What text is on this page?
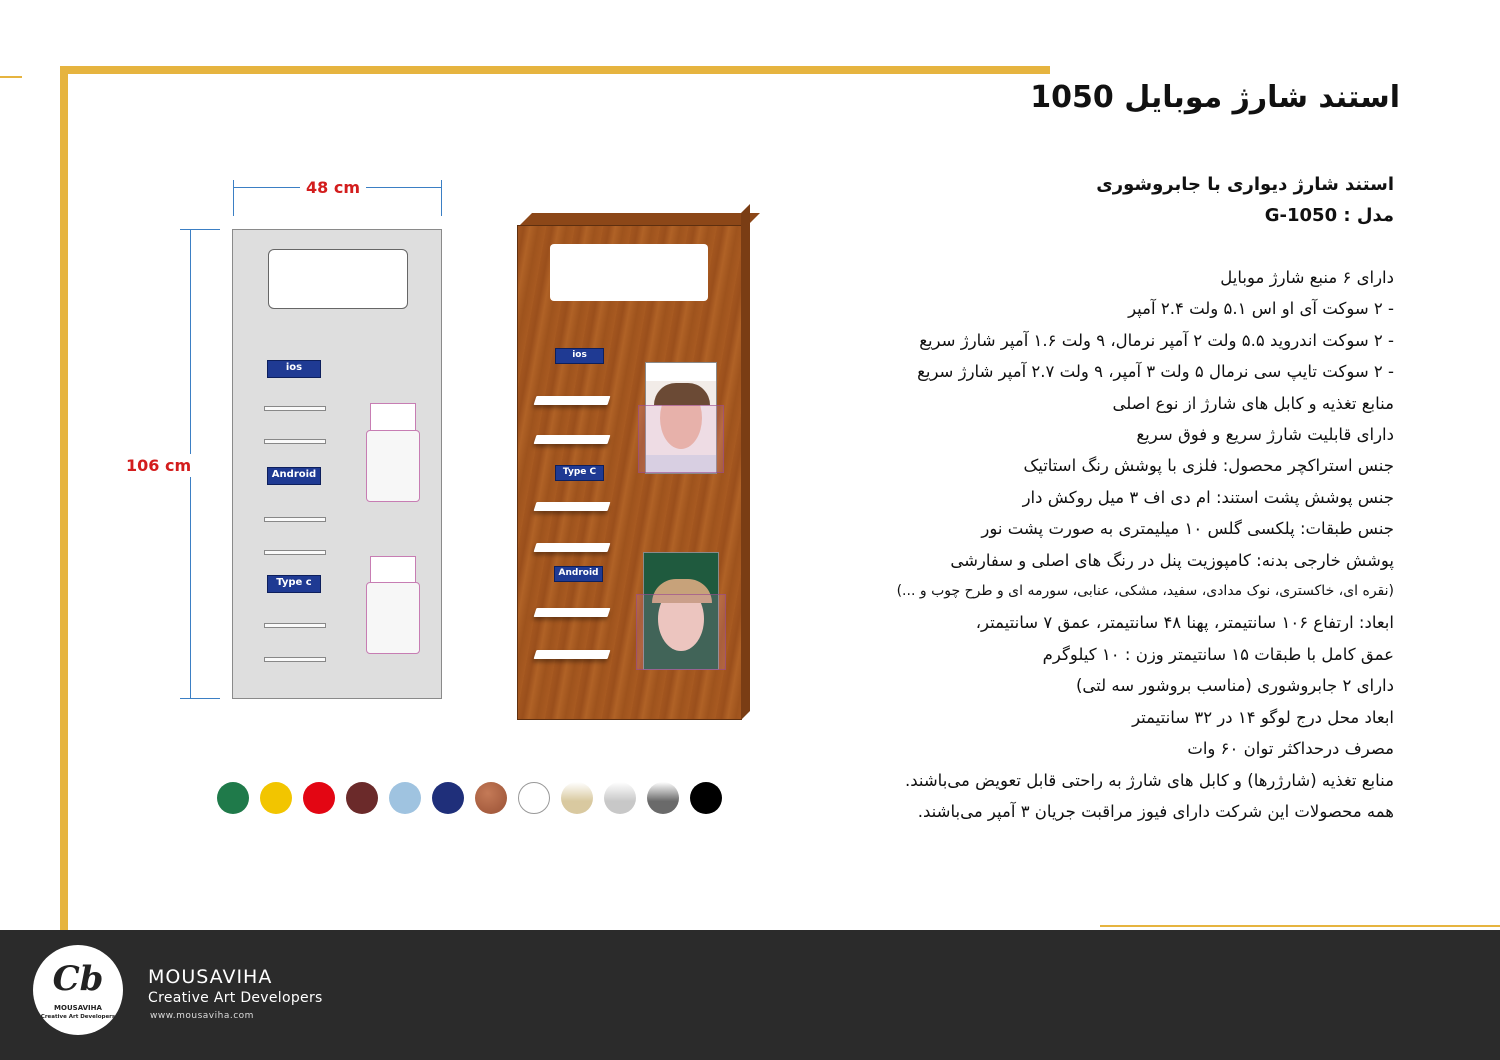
استند شارژ موبایل 1050
استند شارژ دیواری با جابروشوری
مدل : G-1050
دارای ۶ منبع شارژ موبایل
- ۲ سوکت آی او اس ۵.۱ ولت ۲.۴ آمپر
- ۲ سوکت اندروید ۵.۵ ولت ۲ آمپر نرمال، ۹ ولت ۱.۶ آمپر شارژ سریع
- ۲ سوکت تایپ سی نرمال ۵ ولت ۳ آمپر، ۹ ولت ۲.۷ آمپر شارژ سریع
منابع تغذیه و کابل های شارژ از نوع اصلی
دارای قابلیت شارژ سریع و فوق سریع
جنس استراکچر محصول: فلزی با پوشش رنگ استاتیک
جنس پوشش پشت استند: ام دی اف ۳ میل روکش دار
جنس طبقات: پلکسی گلس ۱۰ میلیمتری به صورت پشت نور
پوشش خارجی بدنه: کامپوزیت پنل در رنگ های اصلی و سفارشی
(نقره ای، خاکستری، نوک مدادی، سفید، مشکی، عنابی، سورمه ای و طرح چوب و ...)
ابعاد: ارتفاع ۱۰۶ سانتیمتر، پهنا ۴۸ سانتیمتر، عمق ۷ سانتیمتر،
عمق کامل با طبقات ۱۵ سانتیمتر وزن : ۱۰ کیلوگرم
دارای ۲ جابروشوری (مناسب بروشور سه لتی)
ابعاد محل درج لوگو ۱۴ در ۳۲ سانتیمتر
مصرف درحداکثر توان ۶۰ وات
منابع تغذیه (شارژرها) و کابل های شارژ به راحتی قابل تعویض می‌باشند.
همه محصولات این شرکت دارای فیوز مراقبت جریان ۳ آمپر می‌باشند.
48 cm
106 cm
ios
Android
Type c
ios
Type C
Android
Cb
MOUSAVIHA
Creative Art Developers
MOUSAVIHA
Creative Art Developers
www.mousaviha.com
